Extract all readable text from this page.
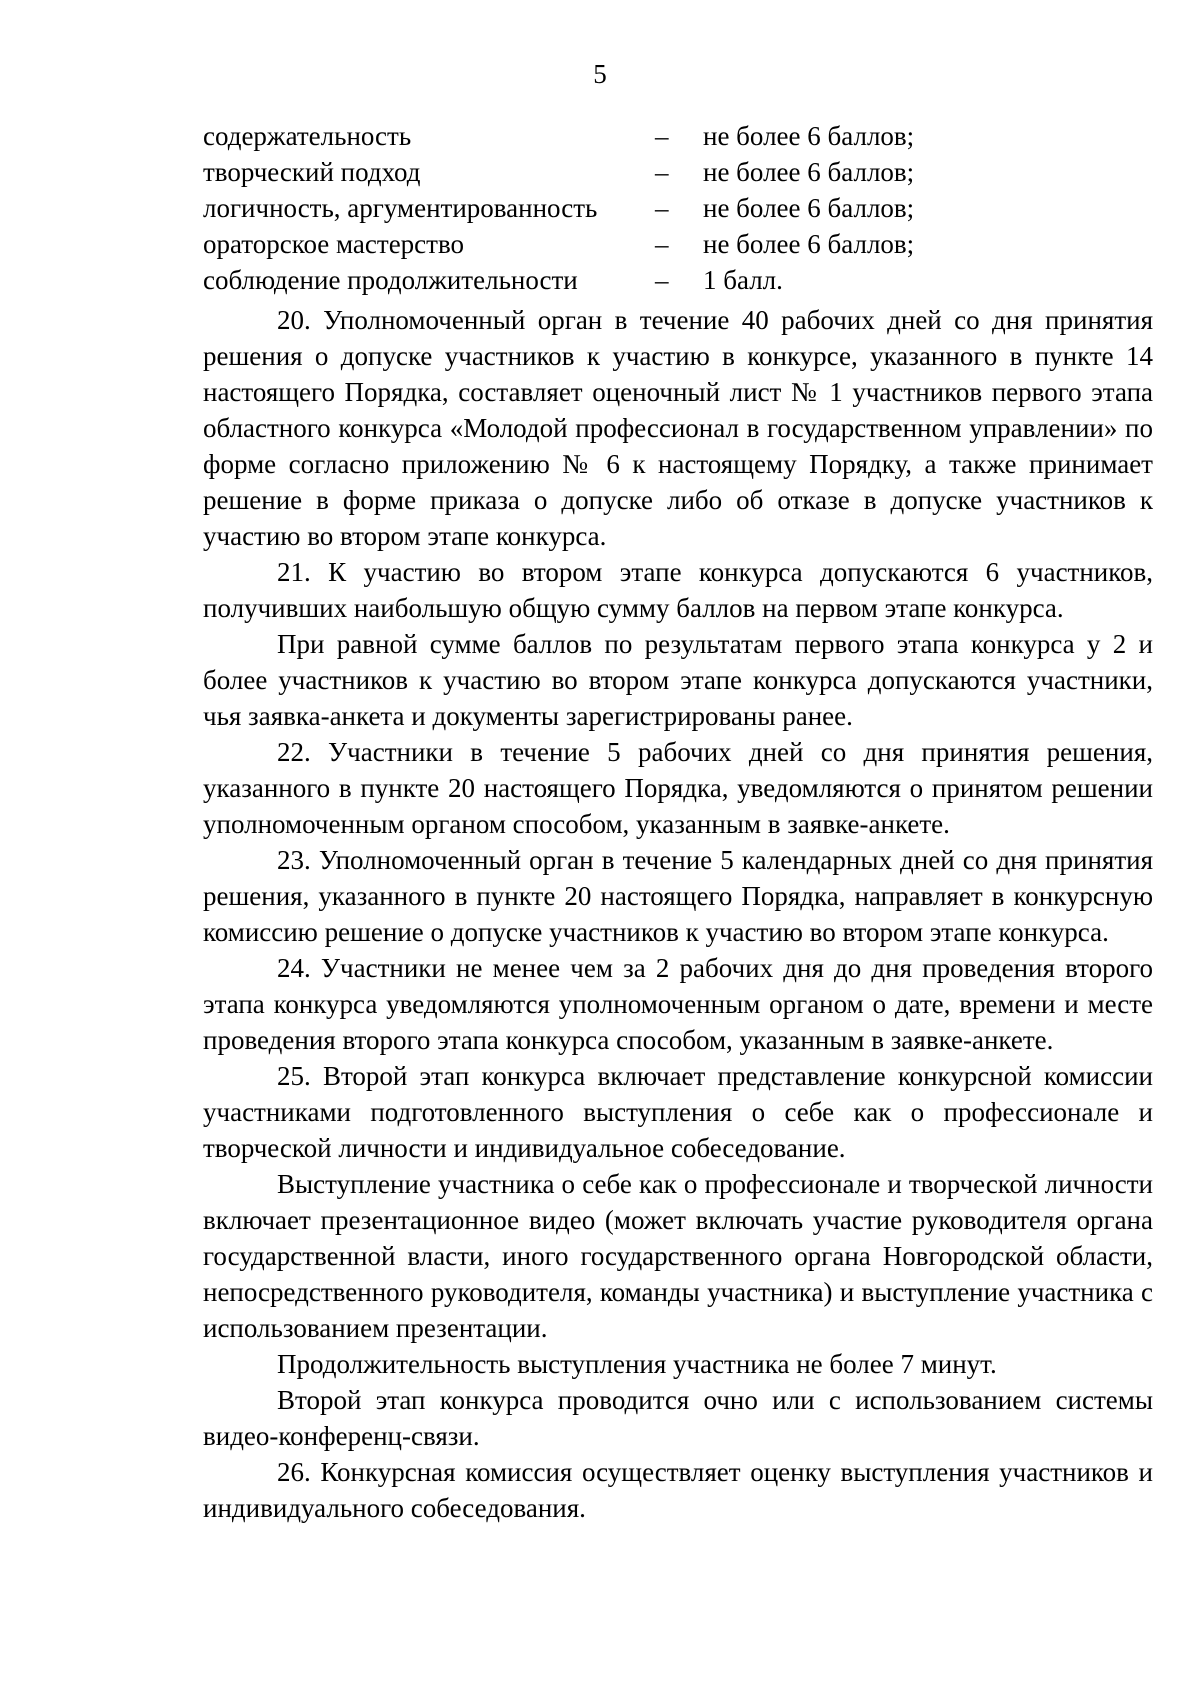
5
содержательность	–	не более 6 баллов;
творческий подход	–	не более 6 баллов;
логичность, аргументированность	–	не более 6 баллов;
ораторское мастерство	–	не более 6 баллов;
соблюдение продолжительности	–	1 балл.

20. Уполномоченный орган в течение 40 рабочих дней со дня принятия решения о допуске участников к участию в конкурсе, указанного в пункте 14 настоящего Порядка, составляет оценочный лист № 1 участников первого этапа областного конкурса «Молодой профессионал в государственном управлении» по форме согласно приложению № 6 к настоящему Порядку, а также принимает решение в форме приказа о допуске либо об отказе в допуске участников к участию во втором этапе конкурса.

21. К участию во втором этапе конкурса допускаются 6 участников, получивших наибольшую общую сумму баллов на первом этапе конкурса.

При равной сумме баллов по результатам первого этапа конкурса у 2 и более участников к участию во втором этапе конкурса допускаются участники, чья заявка-анкета и документы зарегистрированы ранее.

22. Участники в течение 5 рабочих дней со дня принятия решения, указанного в пункте 20 настоящего Порядка, уведомляются о принятом решении уполномоченным органом способом, указанным в заявке-анкете.

23. Уполномоченный орган в течение 5 календарных дней со дня принятия решения, указанного в пункте 20 настоящего Порядка, направляет в конкурсную комиссию решение о допуске участников к участию во втором этапе конкурса.

24. Участники не менее чем за 2 рабочих дня до дня проведения второго этапа конкурса уведомляются уполномоченным органом о дате, времени и месте проведения второго этапа конкурса способом, указанным в заявке-анкете.

25. Второй этап конкурса включает представление конкурсной комиссии участниками подготовленного выступления о себе как о профессионале и творческой личности и индивидуальное собеседование.

Выступление участника о себе как о профессионале и творческой личности включает презентационное видео (может включать участие руководителя органа государственной власти, иного государственного органа Новгородской области, непосредственного руководителя, команды участника) и выступление участника с использованием презентации.

Продолжительность выступления участника не более 7 минут.

Второй этап конкурса проводится очно или с использованием системы видео-конференц-связи.

26. Конкурсная комиссия осуществляет оценку выступления участников и индивидуального собеседования.
